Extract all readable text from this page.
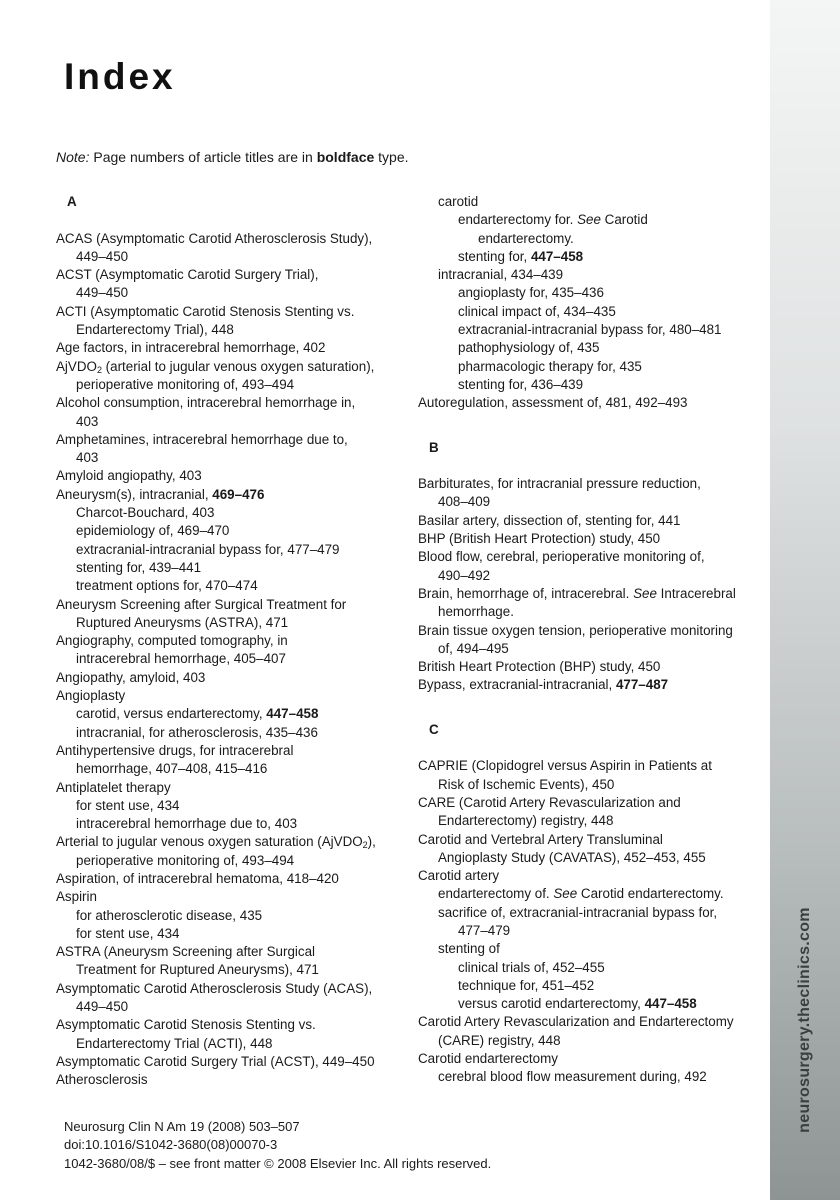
neurosurgery.theclinics.com
Index
Note: Page numbers of article titles are in boldface type.
A
ACAS (Asymptomatic Carotid Atherosclerosis Study),
449–450
ACST (Asymptomatic Carotid Surgery Trial),
449–450
ACTI (Asymptomatic Carotid Stenosis Stenting vs.
Endarterectomy Trial), 448
Age factors, in intracerebral hemorrhage, 402
AjVDO$_2$ (arterial to jugular venous oxygen saturation),
perioperative monitoring of, 493–494
Alcohol consumption, intracerebral hemorrhage in,
403
Amphetamines, intracerebral hemorrhage due to,
403
Amyloid angiopathy, 403
Aneurysm(s), intracranial, 469–476
Charcot-Bouchard, 403
epidemiology of, 469–470
extracranial-intracranial bypass for, 477–479
stenting for, 439–441
treatment options for, 470–474
Aneurysm Screening after Surgical Treatment for
Ruptured Aneurysms (ASTRA), 471
Angiography, computed tomography, in
intracerebral hemorrhage, 405–407
Angiopathy, amyloid, 403
Angioplasty
carotid, versus endarterectomy, 447–458
intracranial, for atherosclerosis, 435–436
Antihypertensive drugs, for intracerebral
hemorrhage, 407–408, 415–416
Antiplatelet therapy
for stent use, 434
intracerebral hemorrhage due to, 403
Arterial to jugular venous oxygen saturation (AjVDO$_2$),
perioperative monitoring of, 493–494
Aspiration, of intracerebral hematoma, 418–420
Aspirin
for atherosclerotic disease, 435
for stent use, 434
ASTRA (Aneurysm Screening after Surgical
Treatment for Ruptured Aneurysms), 471
Asymptomatic Carotid Atherosclerosis Study (ACAS),
449–450
Asymptomatic Carotid Stenosis Stenting vs.
Endarterectomy Trial (ACTI), 448
Asymptomatic Carotid Surgery Trial (ACST), 449–450
Atherosclerosis
carotid
endarterectomy for. See Carotid
endarterectomy.
stenting for, 447–458
intracranial, 434–439
angioplasty for, 435–436
clinical impact of, 434–435
extracranial-intracranial bypass for, 480–481
pathophysiology of, 435
pharmacologic therapy for, 435
stenting for, 436–439
Autoregulation, assessment of, 481, 492–493
B
Barbiturates, for intracranial pressure reduction,
408–409
Basilar artery, dissection of, stenting for, 441
BHP (British Heart Protection) study, 450
Blood flow, cerebral, perioperative monitoring of,
490–492
Brain, hemorrhage of, intracerebral. See Intracerebral
hemorrhage.
Brain tissue oxygen tension, perioperative monitoring
of, 494–495
British Heart Protection (BHP) study, 450
Bypass, extracranial-intracranial, 477–487
C
CAPRIE (Clopidogrel versus Aspirin in Patients at
Risk of Ischemic Events), 450
CARE (Carotid Artery Revascularization and
Endarterectomy) registry, 448
Carotid and Vertebral Artery Transluminal
Angioplasty Study (CAVATAS), 452–453, 455
Carotid artery
endarterectomy of. See Carotid endarterectomy.
sacrifice of, extracranial-intracranial bypass for,
477–479
stenting of
clinical trials of, 452–455
technique for, 451–452
versus carotid endarterectomy, 447–458
Carotid Artery Revascularization and Endarterectomy
(CARE) registry, 448
Carotid endarterectomy
cerebral blood flow measurement during, 492
Neurosurg Clin N Am 19 (2008) 503–507
doi:10.1016/S1042-3680(08)00070-3
1042-3680/08/$ – see front matter © 2008 Elsevier Inc. All rights reserved.
